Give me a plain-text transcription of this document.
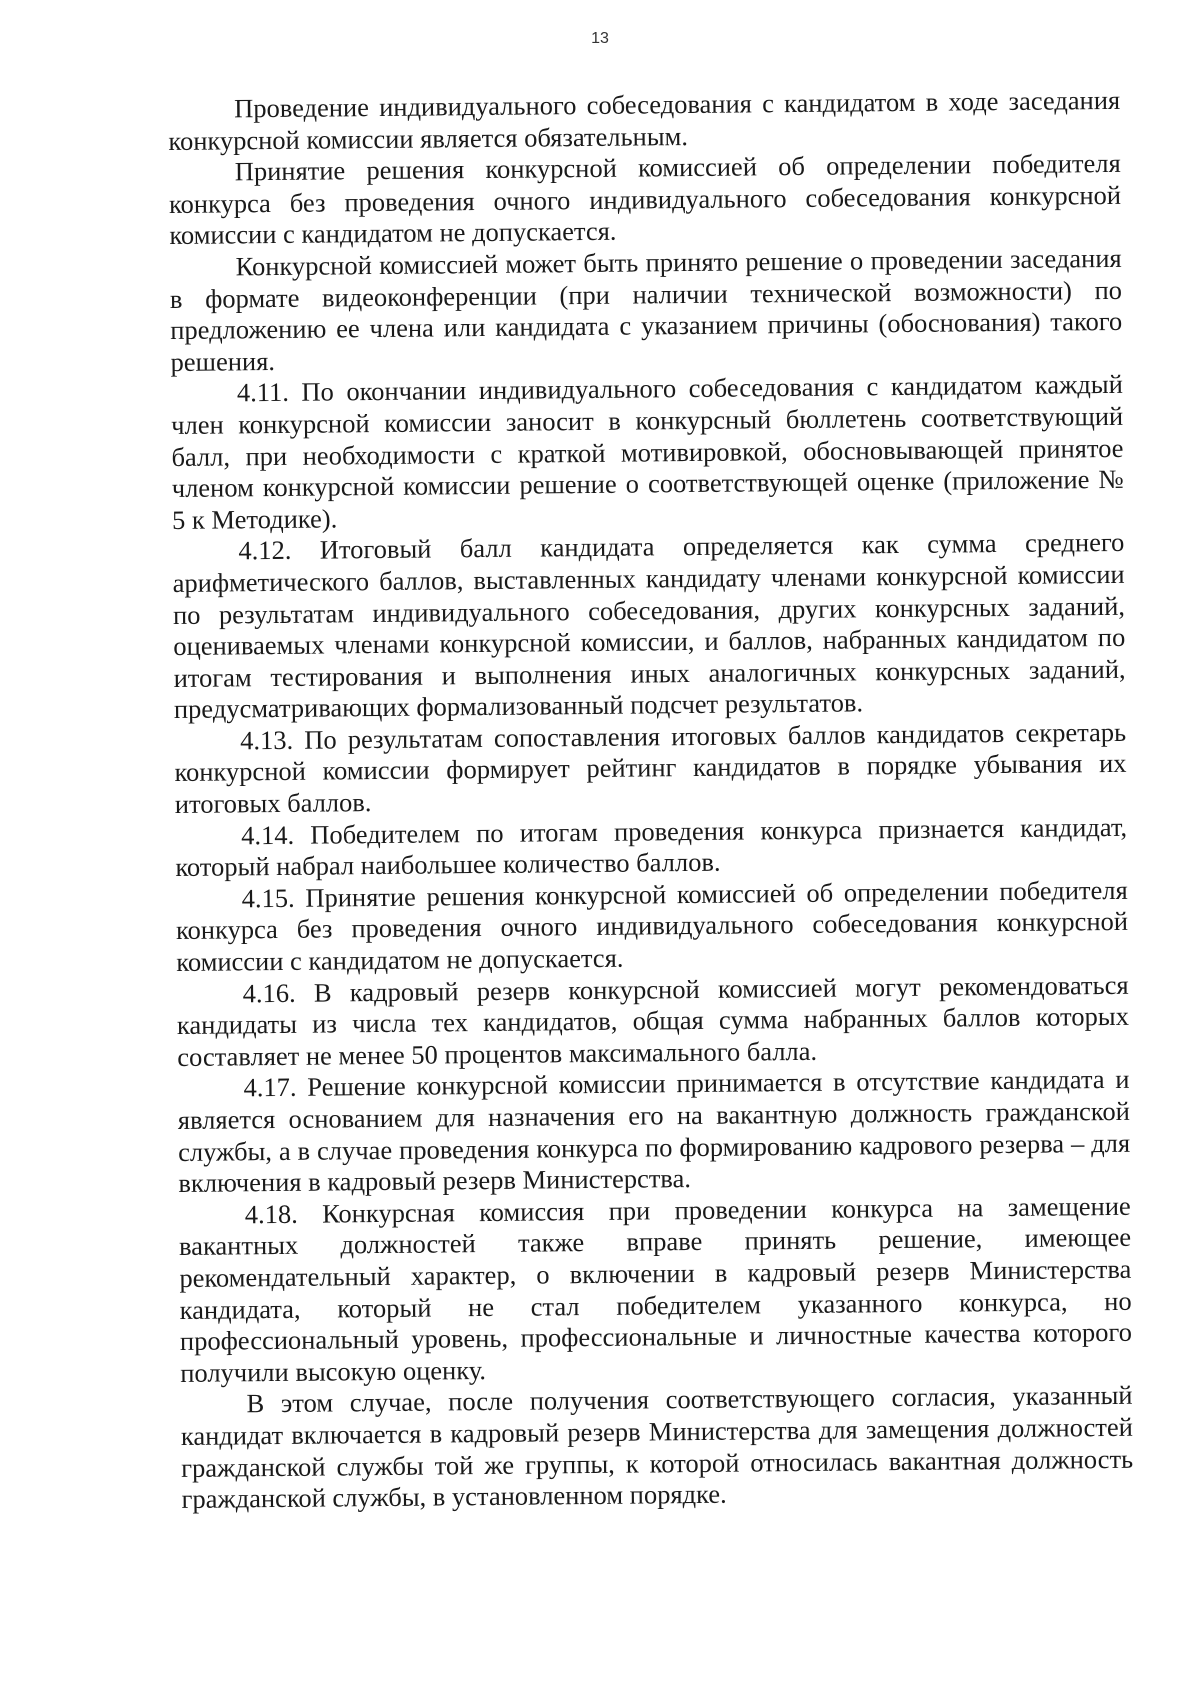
13

Проведение индивидуального собеседования с кандидатом в ходе заседания конкурсной комиссии является обязательным.

Принятие решения конкурсной комиссией об определении победителя конкурса без проведения очного индивидуального собеседования конкурсной комиссии с кандидатом не допускается.

Конкурсной комиссией может быть принято решение о проведении заседания в формате видеоконференции (при наличии технической возможности) по предложению ее члена или кандидата с указанием причины (обоснования) такого решения.

4.11. По окончании индивидуального собеседования с кандидатом каждый член конкурсной комиссии заносит в конкурсный бюллетень соответствующий балл, при необходимости с краткой мотивировкой, обосновывающей принятое членом конкурсной комиссии решение о соответствующей оценке (приложение № 5 к Методике).

4.12. Итоговый балл кандидата определяется как сумма среднего арифметического баллов, выставленных кандидату членами конкурсной комиссии по результатам индивидуального собеседования, других конкурсных заданий, оцениваемых членами конкурсной комиссии, и баллов, набранных кандидатом по итогам тестирования и выполнения иных аналогичных конкурсных заданий, предусматривающих формализованный подсчет результатов.

4.13. По результатам сопоставления итоговых баллов кандидатов секретарь конкурсной комиссии формирует рейтинг кандидатов в порядке убывания их итоговых баллов.

4.14. Победителем по итогам проведения конкурса признается кандидат, который набрал наибольшее количество баллов.

4.15. Принятие решения конкурсной комиссией об определении победителя конкурса без проведения очного индивидуального собеседования конкурсной комиссии с кандидатом не допускается.

4.16. В кадровый резерв конкурсной комиссией могут рекомендоваться кандидаты из числа тех кандидатов, общая сумма набранных баллов которых составляет не менее 50 процентов максимального балла.

4.17. Решение конкурсной комиссии принимается в отсутствие кандидата и является основанием для назначения его на вакантную должность гражданской службы, а в случае проведения конкурса по формированию кадрового резерва – для включения в кадровый резерв Министерства.

4.18. Конкурсная комиссия при проведении конкурса на замещение вакантных должностей также вправе принять решение, имеющее рекомендательный характер, о включении в кадровый резерв Министерства кандидата, который не стал победителем указанного конкурса, но профессиональный уровень, профессиональные и личностные качества которого получили высокую оценку.

В этом случае, после получения соответствующего согласия, указанный кандидат включается в кадровый резерв Министерства для замещения должностей гражданской службы той же группы, к которой относилась вакантная должность гражданской службы, в установленном порядке.
